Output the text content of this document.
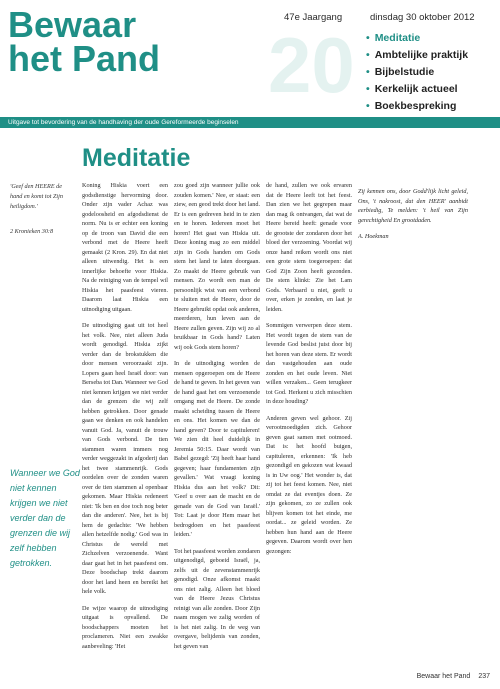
20
Bewaar
het Pand
47e Jaargang	dinsdag 30 oktober 2012
• Meditatie
• Ambtelijke praktijk
• Bijbelstudie
• Kerkelijk actueel
• Boekbespreking
Uitgave tot bevordering van de handhaving der oude Gereformeerde beginselen
Meditatie
'Geef den HEERE de hand en komt tot Zijn heiligdom.'
2 Kronieken 30:8
Wanneer we God niet kennen krijgen we niet verder dan de grenzen die wij zelf hebben getrokken.

Koning Hiskia voert een godsdienstige hervorming door. Onder zijn vader Achaz was godeloosheid en afgodsdienst de norm. Nu is er echter een koning op de troon van David die een verbond met de Heere heeft gemaakt (2 Kron. 29). En dat niet alleen uitwendig. Het is een innerlijke behoefte voor Hiskia. Na de reiniging van de tempel wil Hiskia het paasfeest vieren. Daarom laat Hiskia een uitnodiging uitgaan.

De uitnodiging gaat uit tot heel het volk. Nee, niet alleen Juda wordt genodigd. Hiskia zijkt verder dan de brokstukken die door mensen veroorzaakt zijn. Lopers gaan heel Israël door: van Berseba tot Dan. Wanneer we God niet kennen krijgen we niet verder dan de grenzen die wij zelf hebben getrokken. Door genade gaan we denken en ook handelen vanuit God. Ja, vanuit de trouw van Gods verbond. De tien stammen waren immers nog verder weggezakt in afgoderij dan het twee stammenrijk. Gods oordelen over de zonden waren over de tien stammen al openbaar gekomen. Maar Hiskia redeneert niet: 'Ik ben en doe toch nog beter dan die anderen'. Nee, het is bij hem de gedachte: 'We hebben allen hetzelfde nodig.' God was in Christus de wereld met Zichzelven verzoenende. Want daar gaat het in het paasfeest om. Deze boodschap trekt daarom door het land heen en bereikt het hele volk.

De wijze waarop de uitnodiging uitgaat is opvallend. De boodschappers moeten het proclameren. Niet een zwakke aanbeveling: 'Het

zou goed zijn wanneer jullie ook zouden komen.' Nee, er staat: een ziew, een geod trekt door het land. Er is een gedreven heid in te zien en te horen. Iedereen moet het horen! Het gaat van Hiskia uit. Deze koning mag zo een middel zijn in Gods handen om Gods stem het land te laten doorgaan. Zo maakt de Heere gebruik van mensen. Zo wordt een man de persoonlijk wist van een verbond te sluiten met de Heere, door de Heere gebruikt opdat ook anderen, meerderen, hun leven aan de Heere zullen geven. Zijn wij zo al bruikbaar in Gods hand? Laten wij ook Gods stem horen?

In de uitnodiging worden de mensen opgeroepen om de Heere de hand te geven. In het geven van de hand gaat het om verzoenende omgang met de Heere. De zonde maakt scheiding tussen de Heere en ons. Het komen we dan de hand geven? Door te capituleren! We zien dit heel duidelijk in Jeremia 50:15. Daar wordt van Babel gezegd: 'Zij heeft haar hand gegeven; haar fundamenten zijn gevallen.' Wat vraagt koning Hiskia dus aan het volk? Dit: 'Geef u over aan de macht en de genade van de God van Israël.' Tot: Laat je door Hem maar het bedrogdoen en het paasfeest leiden.'

Tot het paasfeest worden zondaren uitgenodigd, geboeid Israël, ja, zelfs uit de zevenstammenrijk genodigd. Onze afkomst maakt ons niet zalig. Alleen het bloed van de Heere Jezus Christus reinigt van alle zonden. Door Zijn naam mogen we zalig worden of is het niet zalig. In de weg van overgave, belijdenis van zonden, het geven van

de hand, zullen we ook ervaren dat de Heere leeft tot het feest. Dan zien we het gegrepen maar dan mag ik ontvangen, dat wat de Heere bereid heeft: genade voor de grootste der zondaren door het bloed der verzoening. Voordat wij onze hand reiken wordt ons niet een grote stem toegeroepen: dat God Zijn Zoon heeft gezonden. De stem klinkt: Zie het Lam Gods. Verbaard u niet, geeft u over, erken je zonden, en laat je leiden.

Sommigen verwerpen deze stem. Het wordt tegen de stem van de levende God beslist juist door bij het horen van deze stem. Er wordt dan vastgehouden aan oude zonden en het oude leven. Niet willen verzaken... Geen terugkeer tot God. Herkent u zich misschien in deze houding?

Anderen geven wel gehoor. Zij verootmoedigden zich. Gehoor geven gaat samen met ootmoed. Dat is: het hoofd buigen, capituleren, erkennen: 'Ik heb gezondigd en gekozen wat kwaad is in Uw oog.' Het wonder is, dat zij tot het feest komen. Nee, niet omdat ze dat eventjes doen. Ze zijn gekomen, zo ze zullen ook blijven komen tot het einde, me oordat... ze geleid worden. Ze hebben hun hand aan de Heere gegeven. Daarom wordt over hen gezongen:

Zij kennen ons, door Godd'lijk licht geleid, Ons, 't nakroost, dat den HEER' aanbidt eerbiedig, Te melden: 't heil van Zijn gerechtigheid En grootdaden.

A. Hoekman

Bewaar het Pand 237
